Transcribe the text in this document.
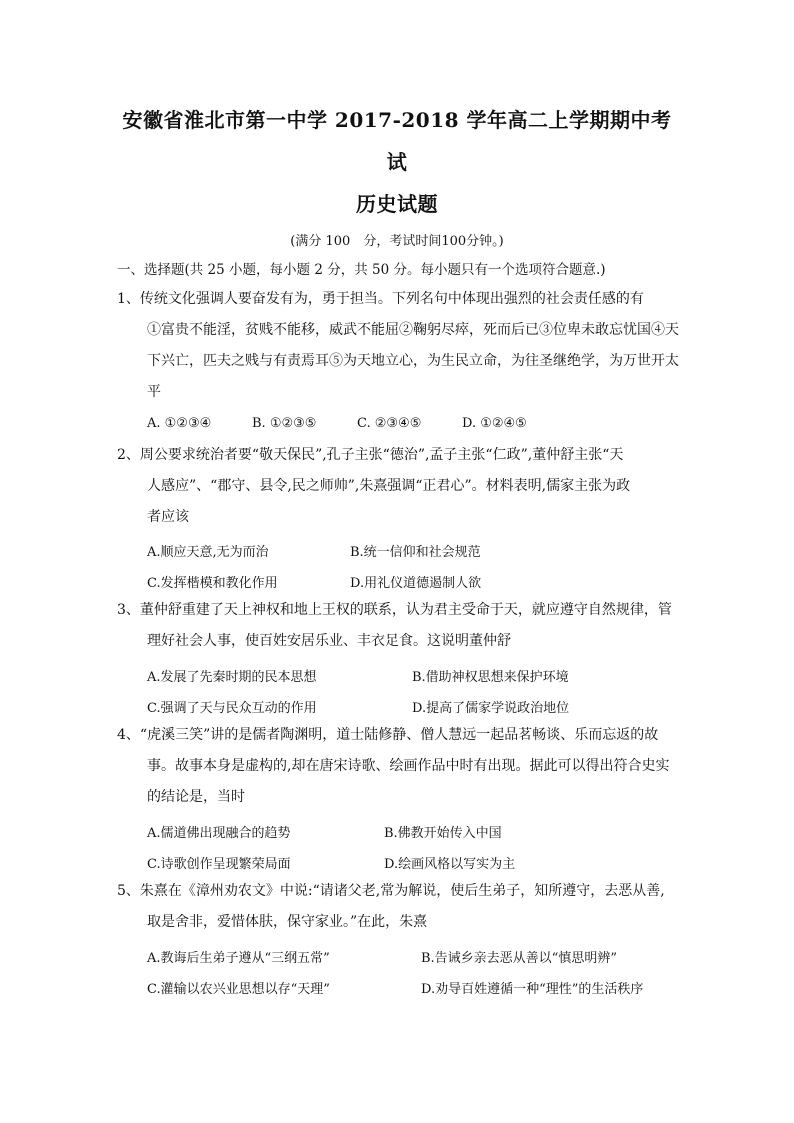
安徽省淮北市第一中学 2017-2018 学年高二上学期期中考
试
历史试题
(满分 100　分，考试时间100分钟。)
一、选择题(共 25 小题，每小题 2 分，共 50 分。每小题只有一个选项符合题意.)
1、传统文化强调人要奋发有为，勇于担当。下列名句中体现出强烈的社会责任感的有
①富贵不能淫，贫贱不能移，威武不能屈②鞠躬尽瘁，死而后已③位卑未敢忘忧国④天
下兴亡，匹夫之贱与有责焉耳⑤为天地立心，为生民立命，为往圣继绝学，为万世开太
平
A. ①②③④	B. ①②③⑤	C. ②③④⑤	D. ①②④⑤
2、周公要求统治者要“敬天保民”,孔子主张“德治”,孟子主张“仁政”,董仲舒主张“天
人感应”、“郡守、县令,民之师帅”,朱熹强调“正君心”。材料表明,儒家主张为政
者应该
A.顺应天意,无为而治	B.统一信仰和社会规范
C.发挥楷模和教化作用	D.用礼仪道德遏制人欲
3、董仲舒重建了天上神权和地上王权的联系，认为君主受命于天，就应遵守自然规律，管
理好社会人事，使百姓安居乐业、丰衣足食。这说明董仲舒
A.发展了先秦时期的民本思想	B.借助神权思想来保护环境
C.强调了天与民众互动的作用	D.提高了儒家学说政治地位
4、“虎溪三笑”讲的是儒者陶渊明，道士陆修静、僧人慧远一起品茗畅谈、乐而忘返的故
事。故事本身是虚构的,却在唐宋诗歌、绘画作品中时有出现。据此可以得出符合史实
的结论是，当时
A.儒道佛出现融合的趋势	B.佛教开始传入中国
C.诗歌创作呈现繁荣局面	D.绘画风格以写实为主
5、朱熹在《漳州劝农文》中说:“请诸父老,常为解说，使后生弟子，知所遵守，去恶从善,
取是舍非，爱惜体肤，保守家业。”在此，朱熹
A.教诲后生弟子遵从“三纲五常”	B.告诫乡亲去恶从善以“慎思明辨”
C.灌输以农兴业思想以存“天理”	D.劝导百姓遵循一种“理性”的生活秩序
